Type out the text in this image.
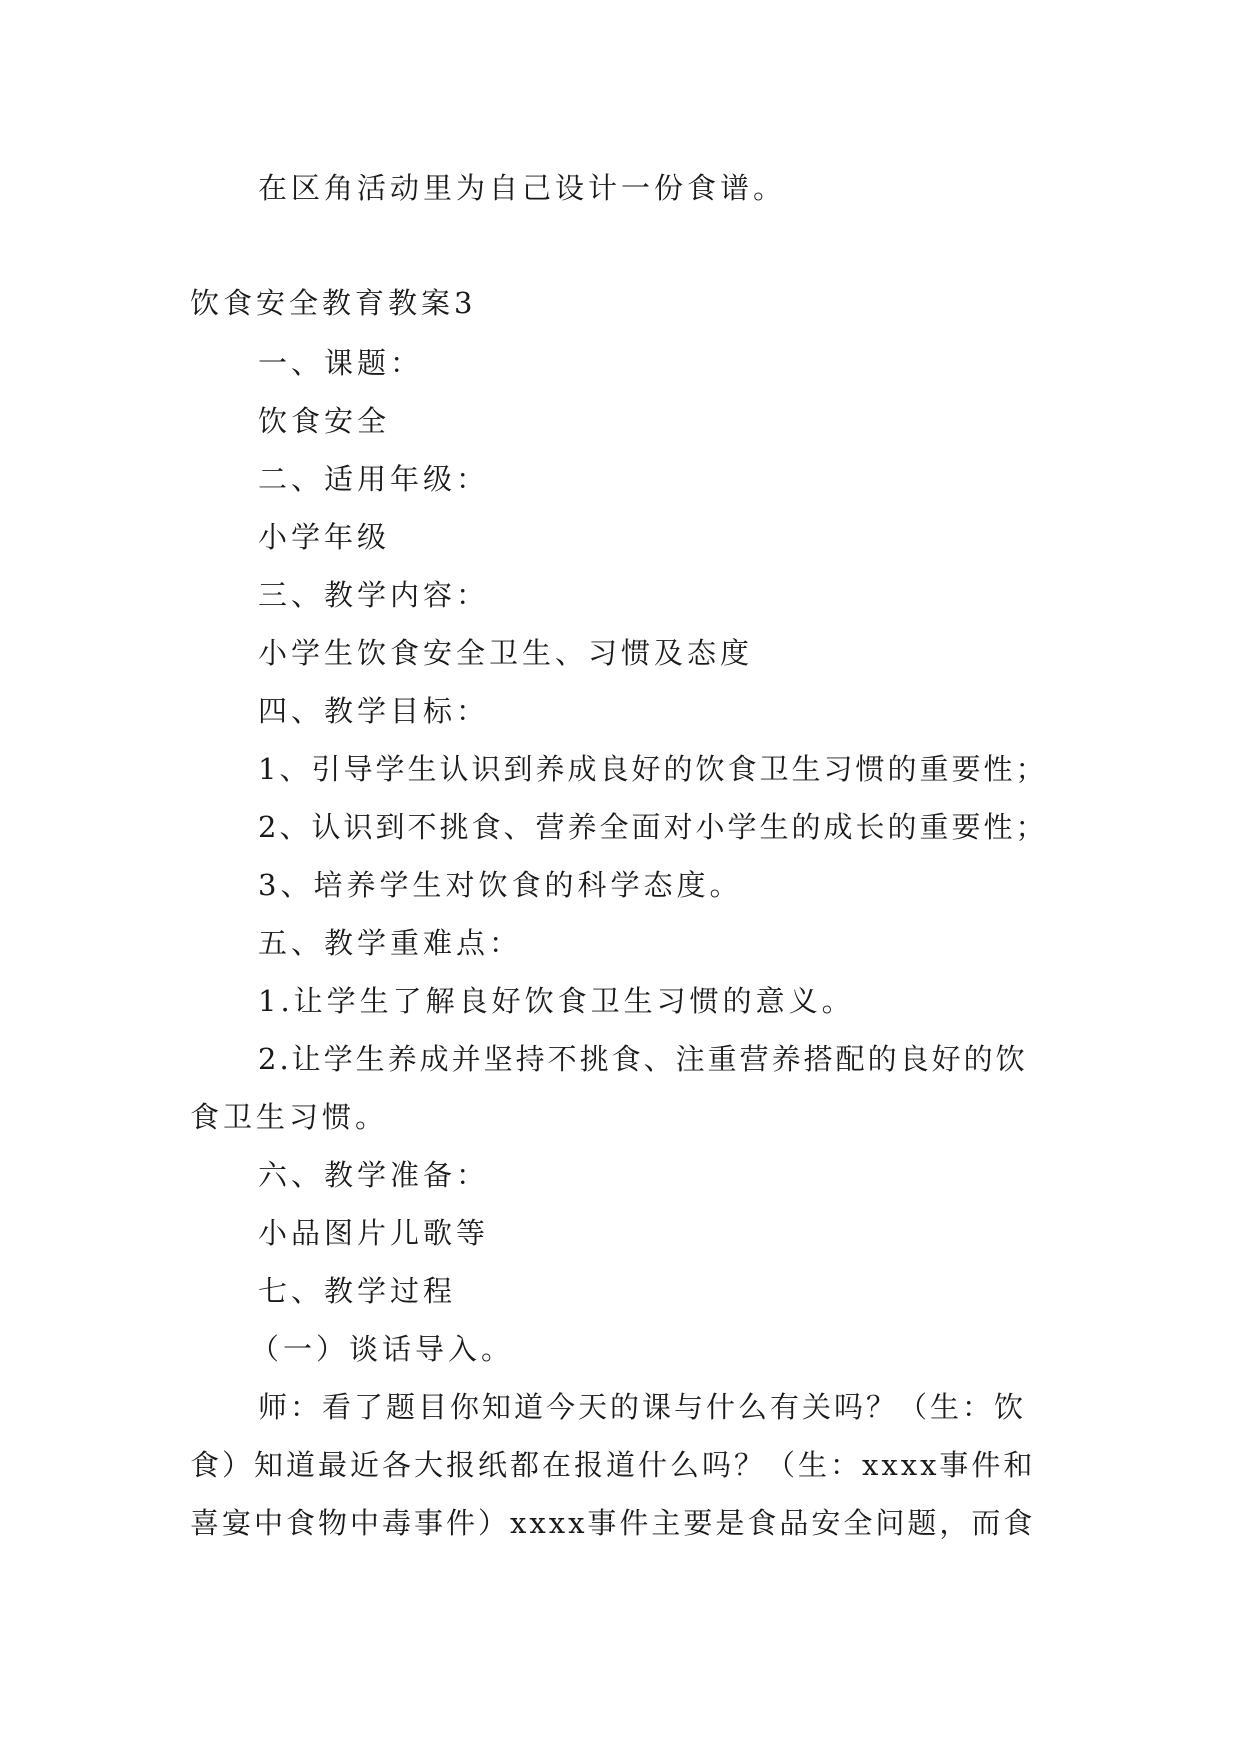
在区角活动里为自己设计一份食谱。
饮食安全教育教案3
一、课题：
饮食安全
二、适用年级：
小学年级
三、教学内容：
小学生饮食安全卫生、习惯及态度
四、教学目标：
1、引导学生认识到养成良好的饮食卫生习惯的重要性；
2、认识到不挑食、营养全面对小学生的成长的重要性；
3、培养学生对饮食的科学态度。
五、教学重难点：
1.让学生了解良好饮食卫生习惯的意义。
2.让学生养成并坚持不挑食、注重营养搭配的良好的饮
食卫生习惯。
六、教学准备：
小品图片儿歌等
七、教学过程
（一）谈话导入。
师：看了题目你知道今天的课与什么有关吗？（生：饮
食）知道最近各大报纸都在报道什么吗？（生：xxxx事件和
喜宴中食物中毒事件）xxxx事件主要是食品安全问题，而食
